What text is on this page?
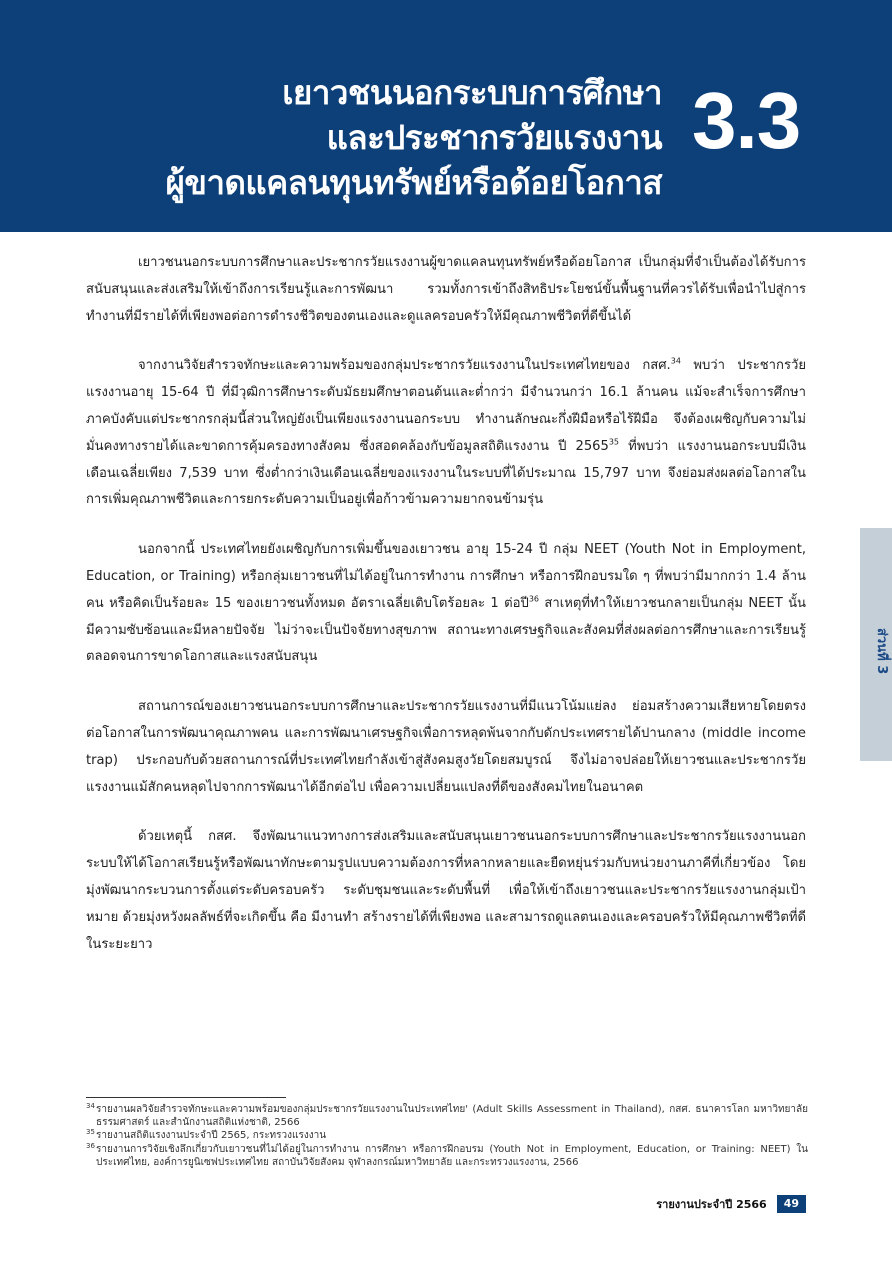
เยาวชนนอกระบบการศึกษา
และประชากรวัยแรงงาน
ผู้ขาดแคลนทุนทรัพย์หรือด้อยโอกาส
3.3
ส่วนที่ 3

เยาวชนนอกระบบการศึกษาและประชากรวัยแรงงานผู้ขาดแคลนทุนทรัพย์หรือด้อยโอกาส เป็นกลุ่มที่จำเป็นต้องได้รับการสนับสนุนและส่งเสริมให้เข้าถึงการเรียนรู้และการพัฒนา รวมทั้งการเข้าถึงสิทธิประโยชน์ขั้นพื้นฐานที่ควรได้รับเพื่อนำไปสู่การทำงานที่มีรายได้ที่เพียงพอต่อการดำรงชีวิตของตนเองและดูแลครอบครัวให้มีคุณภาพชีวิตที่ดีขึ้นได้

จากงานวิจัยสำรวจทักษะและความพร้อมของกลุ่มประชากรวัยแรงงานในประเทศไทยของ กสศ.$^{34}$ พบว่า ประชากรวัยแรงงานอายุ 15-64 ปี ที่มีวุฒิการศึกษาระดับมัธยมศึกษาตอนต้นและต่ำกว่า มีจำนวนกว่า 16.1 ล้านคน แม้จะสำเร็จการศึกษาภาคบังคับแต่ประชากรกลุ่มนี้ส่วนใหญ่ยังเป็นเพียงแรงงานนอกระบบ ทำงานลักษณะกึ่งฝีมือหรือไร้ฝีมือ จึงต้องเผชิญกับความไม่มั่นคงทางรายได้และขาดการคุ้มครองทางสังคม ซึ่งสอดคล้องกับข้อมูลสถิติแรงงาน ปี 2565$^{35}$ ที่พบว่า แรงงานนอกระบบมีเงินเดือนเฉลี่ยเพียง 7,539 บาท ซึ่งต่ำกว่าเงินเดือนเฉลี่ยของแรงงานในระบบที่ได้ประมาณ 15,797 บาท จึงย่อมส่งผลต่อโอกาสในการเพิ่มคุณภาพชีวิตและการยกระดับความเป็นอยู่เพื่อก้าวข้ามความยากจนข้ามรุ่น

นอกจากนี้ ประเทศไทยยังเผชิญกับการเพิ่มขึ้นของเยาวชน อายุ 15-24 ปี กลุ่ม NEET (Youth Not in Employment, Education, or Training) หรือกลุ่มเยาวชนที่ไม่ได้อยู่ในการทำงาน การศึกษา หรือการฝึกอบรมใด ๆ ที่พบว่ามีมากกว่า 1.4 ล้านคน หรือคิดเป็นร้อยละ 15 ของเยาวชนทั้งหมด อัตราเฉลี่ยเติบโตร้อยละ 1 ต่อปี$^{36}$ สาเหตุที่ทำให้เยาวชนกลายเป็นกลุ่ม NEET นั้น มีความซับซ้อนและมีหลายปัจจัย ไม่ว่าจะเป็นปัจจัยทางสุขภาพ สถานะทางเศรษฐกิจและสังคมที่ส่งผลต่อการศึกษาและการเรียนรู้ ตลอดจนการขาดโอกาสและแรงสนับสนุน

สถานการณ์ของเยาวชนนอกระบบการศึกษาและประชากรวัยแรงงานที่มีแนวโน้มแย่ลง ย่อมสร้างความเสียหายโดยตรงต่อโอกาสในการพัฒนาคุณภาพคน และการพัฒนาเศรษฐกิจเพื่อการหลุดพ้นจากกับดักประเทศรายได้ปานกลาง (middle income trap) ประกอบกับด้วยสถานการณ์ที่ประเทศไทยกำลังเข้าสู่สังคมสูงวัยโดยสมบูรณ์ จึงไม่อาจปล่อยให้เยาวชนและประชากรวัยแรงงานแม้สักคนหลุดไปจากการพัฒนาได้อีกต่อไป เพื่อความเปลี่ยนแปลงที่ดีของสังคมไทยในอนาคต

ด้วยเหตุนี้ กสศ. จึงพัฒนาแนวทางการส่งเสริมและสนับสนุนเยาวชนนอกระบบการศึกษาและประชากรวัยแรงงานนอกระบบให้ได้โอกาสเรียนรู้หรือพัฒนาทักษะตามรูปแบบความต้องการที่หลากหลายและยืดหยุ่นร่วมกับหน่วยงานภาคีที่เกี่ยวข้อง โดยมุ่งพัฒนากระบวนการตั้งแต่ระดับครอบครัว ระดับชุมชนและระดับพื้นที่ เพื่อให้เข้าถึงเยาวชนและประชากรวัยแรงงานกลุ่มเป้าหมาย ด้วยมุ่งหวังผลลัพธ์ที่จะเกิดขึ้น คือ มีงานทำ สร้างรายได้ที่เพียงพอ และสามารถดูแลตนเองและครอบครัวให้มีคุณภาพชีวิตที่ดีในระยะยาว

34 รายงานผลวิจัยสำรวจทักษะและความพร้อมของกลุ่มประชากรวัยแรงงานในประเทศไทย' (Adult Skills Assessment in Thailand), กสศ. ธนาคารโลก มหาวิทยาลัยธรรมศาสตร์ และสำนักงานสถิติแห่งชาติ, 2566
35 รายงานสถิติแรงงานประจำปี 2565, กระทรวงแรงงาน
36 รายงานการวิจัยเชิงลึกเกี่ยวกับเยาวชนที่ไม่ได้อยู่ในการทำงาน การศึกษา หรือการฝึกอบรม (Youth Not in Employment, Education, or Training: NEET) ในประเทศไทย, องค์การยูนิเซฟประเทศไทย สถาบันวิจัยสังคม จุฬาลงกรณ์มหาวิทยาลัย และกระทรวงแรงงาน, 2566
รายงานประจำปี 2566	49
